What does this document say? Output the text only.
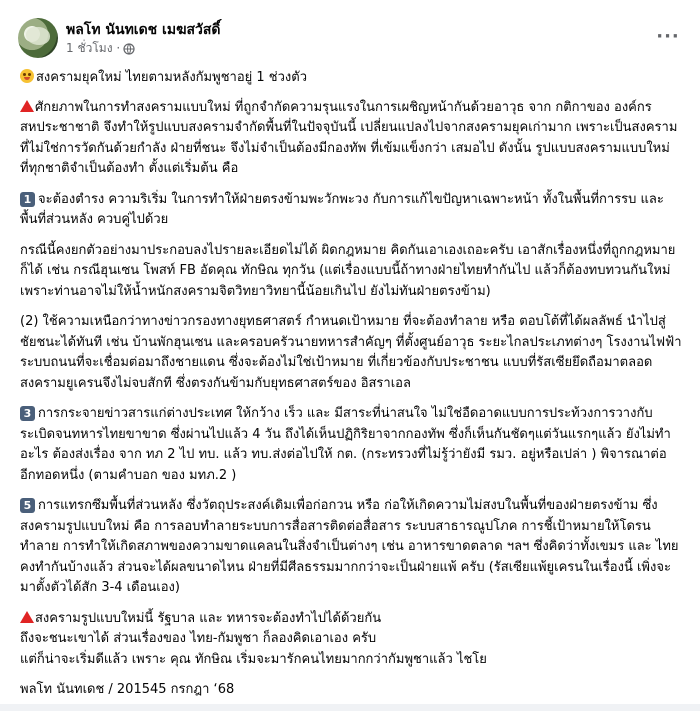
พลโท นันทเดช เมฆสวัสดิ์
1 ชั่วโมง ·
···

สงครามยุคใหม่ ไทยตามหลังกัมพูชาอยู่ 1 ช่วงตัว

ศักยภาพในการทำสงครามแบบใหม่ ที่ถูกจำกัดความรุนแรงในการเผชิญหน้ากันด้วยอาวุธ จาก กติกาของ องค์กรสหประชาชาติ จึงทำให้รูปแบบสงครามจำกัดพื้นที่ในปัจจุบันนี้ เปลี่ยนแปลงไปจากสงครามยุคเก่ามาก เพราะเป็นสงครามที่ไม่ใช่การวัดกันด้วยกำลัง ฝ่ายที่ชนะ จึงไม่จำเป็นต้องมีกองทัพ ที่เข้มแข็งกว่า เสมอไป ดังนั้น รูปแบบสงครามแบบใหม่ ที่ทุกชาติจำเป็นต้องทำ ตั้งแต่เริ่มต้น คือ

1 จะต้องตำรง ความริเริ่ม ในการทำให้ฝ่ายตรงข้ามพะวักพะวง กับการแก้ไขปัญหาเฉพาะหน้า ทั้งในพื้นที่การรบ และ พื้นที่ส่วนหลัง ควบคู่ไปด้วย

กรณีนี้คงยกตัวอย่างมาประกอบลงไปรายละเอียดไม่ได้ ผิดกฎหมาย คิดกันเอาเองเถอะครับ เอาสักเรื่องหนึ่งที่ถูกกฎหมายก็ได้ เช่น กรณีฮุนเซน โพสท์ FB อัดคุณ ทักษิณ ทุกวัน (แต่เรื่องแบบนี้ถ้าทางฝ่ายไทยทำกันไป แล้วก็ต้องทบทวนกันใหม่เพราะท่านอาจไม่ให้น้ำหนักสงครามจิตวิทยาวิทยานี้น้อยเกินไป ยังไม่ทันฝ่ายตรงข้าม)

(2) ใช้ความเหนือกว่าทางข่าวกรองทางยุทธศาสตร์ กำหนดเป้าหมาย ที่จะต้องทำลาย หรือ ตอบโต้ที่ได้ผลลัพธ์ นำไปสู่ชัยชนะได้ทันที เช่น บ้านพักฮุนเซน และครอบครัวนายทหารสำคัญๆ ที่ตั้งศูนย์อาวุธ ระยะไกลประเภทต่างๆ โรงงานไฟฟ้า ระบบถนนที่จะเชื่อมต่อมาถึงชายแดน ซึ่งจะต้องไม่ใช่เป้าหมาย ที่เกี่ยวข้องกับประชาชน แบบที่รัสเซียยึดถือมาตลอด สงครามยูเครนจึงไม่จบสักที ซึ่งตรงกันข้ามกับยุทธศาสตร์ของ อิสราเอล

3 การกระจายข่าวสารแก่ต่างประเทศ ให้กว้าง เร็ว และ มีสาระที่น่าสนใจ ไม่ใช่อืดอาดแบบการประท้วงการวางกับระเบิดจนทหารไทยขาขาด ซึ่งผ่านไปแล้ว 4 วัน ถึงได้เห็นปฏิกิริยาจากกองทัพ ซึ่งก็เห็นกันชัดๆแต่วันแรกๆแล้ว ยังไม่ทำอะไร ต้องส่งเรื่อง จาก ทภ 2 ไป ทบ. แล้ว ทบ.ส่งต่อไปให้ กต. (กระทรวงที่ไม่รู้ว่ายังมี รมว. อยู่หรือเปล่า ) พิจารณาต่ออีกทอดหนึ่ง (ตามคำบอก ของ มทภ.2 )

5 การแทรกซึมพื้นที่ส่วนหลัง ซึ่งวัตถุประสงค์เดิมเพื่อก่อกวน หรือ ก่อให้เกิดความไม่สงบในพื้นที่ของฝ่ายตรงข้าม ซึ่งสงครามรูปแบบใหม่ คือ การลอบทำลายระบบการสื่อสารติดต่อสื่อสาร ระบบสาธารณูปโภค การชี้เป้าหมายให้โดรนทำลาย การทำให้เกิดสภาพของความขาดแคลนในสิ่งจำเป็นต่างๆ เช่น อาหารขาดตลาด ฯลฯ ซึ่งคิดว่าทั้งเขมร และ ไทยคงทำกันบ้างแล้ว ส่วนจะได้ผลขนาดไหน ฝ่ายที่มีศีลธรรมมากกว่าจะเป็นฝ่ายแพ้ ครับ (รัสเซียแพ้ยูเครนในเรื่องนี้ เพิ่งจะมาตั้งตัวได้สัก 3-4 เดือนเอง)

สงครามรูปแบบใหม่นี้ รัฐบาล และ ทหารจะต้องทำไปได้ด้วยกัน
ถึงจะชนะเขาได้ ส่วนเรื่องของ ไทย-กัมพูชา ก็ลองคิดเอาเอง ครับ
แต่ก็น่าจะเริ่มดีแล้ว เพราะ คุณ ทักษิณ เริ่มจะมารักคนไทยมากกว่ากัมพูชาแล้ว ไชโย

พลโท นันทเดช / 201545 กรกฎา ‘68
